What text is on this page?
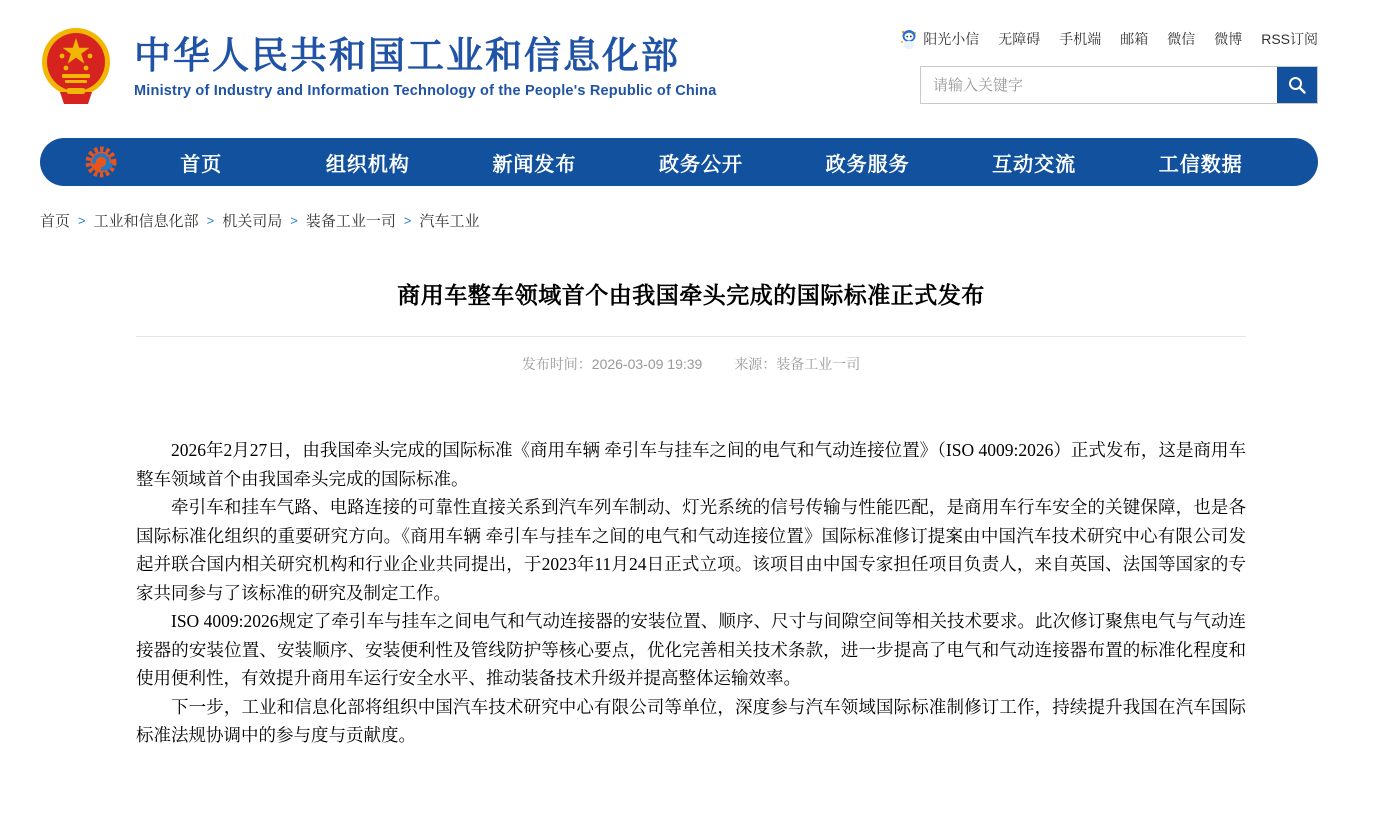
中华人民共和国工业和信息化部
Ministry of Industry and Information Technology of the People's Republic of China
阳光小信 无障碍 手机端 邮箱 微信 微博 RSS订阅
请输入关键字
首页	组织机构	新闻发布	政务公开	政务服务	互动交流	工信数据
首页 > 工业和信息化部 > 机关司局 > 装备工业一司 > 汽车工业
商用车整车领域首个由我国牵头完成的国际标准正式发布
发布时间：2026-03-09 19:39 来源：装备工业一司

2026年2月27日，由我国牵头完成的国际标准《商用车辆 牵引车与挂车之间的电气和气动连接位置》（ISO 4009:2026）正式发布，这是商用车整车领域首个由我国牵头完成的国际标准。

牵引车和挂车气路、电路连接的可靠性直接关系到汽车列车制动、灯光系统的信号传输与性能匹配，是商用车行车安全的关键保障，也是各国际标准化组织的重要研究方向。《商用车辆 牵引车与挂车之间的电气和气动连接位置》国际标准修订提案由中国汽车技术研究中心有限公司发起并联合国内相关研究机构和行业企业共同提出，于2023年11月24日正式立项。该项目由中国专家担任项目负责人，来自英国、法国等国家的专家共同参与了该标准的研究及制定工作。

ISO 4009:2026规定了牵引车与挂车之间电气和气动连接器的安装位置、顺序、尺寸与间隙空间等相关技术要求。此次修订聚焦电气与气动连接器的安装位置、安装顺序、安装便利性及管线防护等核心要点，优化完善相关技术条款，进一步提高了电气和气动连接器布置的标准化程度和使用便利性，有效提升商用车运行安全水平、推动装备技术升级并提高整体运输效率。

下一步，工业和信息化部将组织中国汽车技术研究中心有限公司等单位，深度参与汽车领域国际标准制修订工作，持续提升我国在汽车国际标准法规协调中的参与度与贡献度。
